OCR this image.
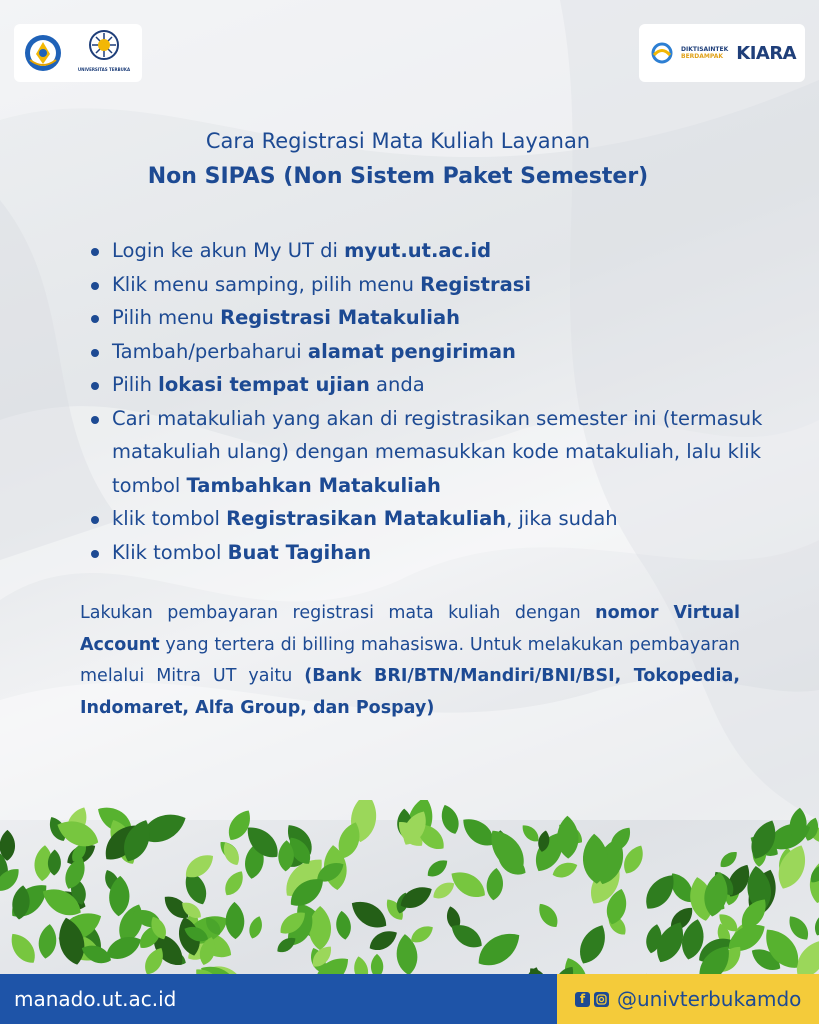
UNIVERSITAS TERBUKA
DIKTISAINTEK
BERDAMPAK KIARA
Cara Registrasi Mata Kuliah Layanan
Non SIPAS (Non Sistem Paket Semester)
Login ke akun My UT di myut.ut.ac.id
Klik menu samping, pilih menu Registrasi
Pilih menu Registrasi Matakuliah
Tambah/perbaharui alamat pengiriman
Pilih lokasi tempat ujian anda
Cari matakuliah yang akan di registrasikan semester ini (termasuk matakuliah ulang) dengan memasukkan kode matakuliah, lalu klik tombol Tambahkan Matakuliah
klik tombol Registrasikan Matakuliah, jika sudah
Klik tombol Buat Tagihan
Lakukan pembayaran registrasi mata kuliah dengan nomor Virtual Account yang tertera di billing mahasiswa. Untuk melakukan pembayaran melalui Mitra UT yaitu (Bank BRI/BTN/Mandiri/BNI/BSI, Tokopedia, Indomaret, Alfa Group, dan Pospay)
manado.ut.ac.id	f @univterbukamdo
